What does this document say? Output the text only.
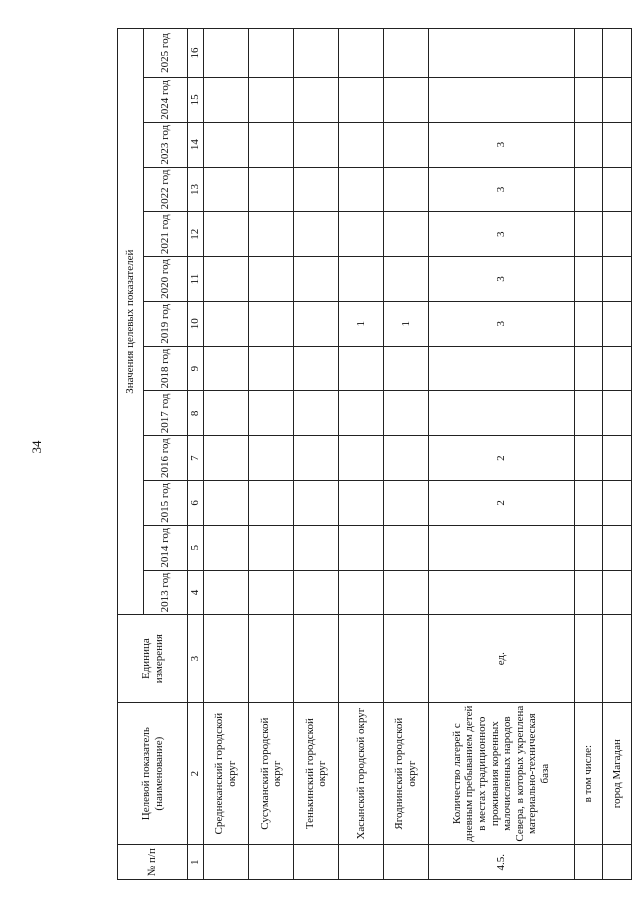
34
№ п/п	Целевой показатель (наименование)	Единица измерения	Значения целевых показателей												
			2013 год	2014 год	2015 год	2016 год	2017 год	2018 год	2019 год	2020 год	2021 год	2022 год	2023 год	2024 год	2025 год
1	2	3	4	5	6	7	8	9	10	11	12	13	14	15	16
	Среднеканский городской округ														
	Сусуманский городской округ														
	Тенькинский городской округ														
	Хасынский городской округ								1						
	Ягоднинский городской округ								1						
4.5.	Количество лагерей с дневным пребыванием детей в местах традиционного проживания коренных малочисленных народов Севера, в которых укреплена материально-техническая база	ед.			2	2			3	3	3	3	3		
	в том числе:														
	город Магадан														
